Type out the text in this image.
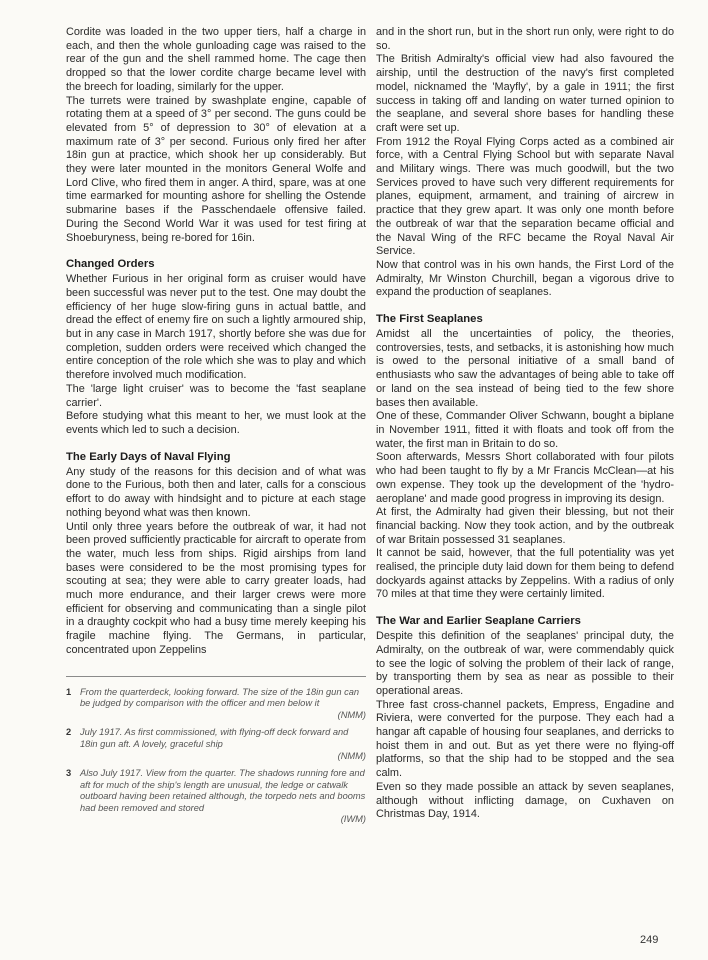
Cordite was loaded in the two upper tiers, half a charge in each, and then the whole gunloading cage was raised to the rear of the gun and the shell rammed home. The cage then dropped so that the lower cordite charge became level with the breech for loading, similarly for the upper.

The turrets were trained by swashplate engine, capable of rotating them at a speed of 3° per second. The guns could be elevated from 5° of depression to 30° of elevation at a maximum rate of 3° per second. Furious only fired her after 18in gun at practice, which shook her up considerably. But they were later mounted in the monitors General Wolfe and Lord Clive, who fired them in anger. A third, spare, was at one time earmarked for mounting ashore for shelling the Ostende submarine bases if the Passchendaele offensive failed. During the Second World War it was used for test firing at Shoeburyness, being re-bored for 16in.

Changed Orders

Whether Furious in her original form as cruiser would have been successful was never put to the test. One may doubt the efficiency of her huge slow-firing guns in actual battle, and dread the effect of enemy fire on such a lightly armoured ship, but in any case in March 1917, shortly before she was due for completion, sudden orders were received which changed the entire conception of the role which she was to play and which therefore involved much modification.

The 'large light cruiser' was to become the 'fast seaplane carrier'.

Before studying what this meant to her, we must look at the events which led to such a decision.

The Early Days of Naval Flying

Any study of the reasons for this decision and of what was done to the Furious, both then and later, calls for a conscious effort to do away with hindsight and to picture at each stage nothing beyond what was then known.

Until only three years before the outbreak of war, it had not been proved sufficiently practicable for aircraft to operate from the water, much less from ships. Rigid airships from land bases were considered to be the most promising types for scouting at sea; they were able to carry greater loads, had much more endurance, and their larger crews were more efficient for observing and communicating than a single pilot in a draughty cockpit who had a busy time merely keeping his fragile machine flying. The Germans, in particular, concentrated upon Zeppelins

1 From the quarterdeck, looking forward. The size of the 18in gun can be judged by comparison with the officer and men below it
(NMM)
2 July 1917. As first commissioned, with flying-off deck forward and 18in gun aft. A lovely, graceful ship
(NMM)
3 Also July 1917. View from the quarter. The shadows running fore and aft for much of the ship's length are unusual, the ledge or catwalk outboard having been retained although, the torpedo nets and booms had been removed and stored
(IWM)

and in the short run, but in the short run only, were right to do so.

The British Admiralty's official view had also favoured the airship, until the destruction of the navy's first completed model, nicknamed the 'Mayfly', by a gale in 1911; the first success in taking off and landing on water turned opinion to the seaplane, and several shore bases for handling these craft were set up.

From 1912 the Royal Flying Corps acted as a combined air force, with a Central Flying School but with separate Naval and Military wings. There was much goodwill, but the two Services proved to have such very different requirements for planes, equipment, armament, and training of aircrew in practice that they grew apart. It was only one month before the outbreak of war that the separation became official and the Naval Wing of the RFC became the Royal Naval Air Service.

Now that control was in his own hands, the First Lord of the Admiralty, Mr Winston Churchill, began a vigorous drive to expand the production of seaplanes.

The First Seaplanes

Amidst all the uncertainties of policy, the theories, controversies, tests, and setbacks, it is astonishing how much is owed to the personal initiative of a small band of enthusiasts who saw the advantages of being able to take off or land on the sea instead of being tied to the few shore bases then available.

One of these, Commander Oliver Schwann, bought a biplane in November 1911, fitted it with floats and took off from the water, the first man in Britain to do so.

Soon afterwards, Messrs Short collaborated with four pilots who had been taught to fly by a Mr Francis McClean—at his own expense. They took up the development of the 'hydro-aeroplane' and made good progress in improving its design.

At first, the Admiralty had given their blessing, but not their financial backing. Now they took action, and by the outbreak of war Britain possessed 31 seaplanes.

It cannot be said, however, that the full potentiality was yet realised, the principle duty laid down for them being to defend dockyards against attacks by Zeppelins. With a radius of only 70 miles at that time they were certainly limited.

The War and Earlier Seaplane Carriers

Despite this definition of the seaplanes' principal duty, the Admiralty, on the outbreak of war, were commendably quick to see the logic of solving the problem of their lack of range, by transporting them by sea as near as possible to their operational areas.

Three fast cross-channel packets, Empress, Engadine and Riviera, were converted for the purpose. They each had a hangar aft capable of housing four seaplanes, and derricks to hoist them in and out. But as yet there were no flying-off platforms, so that the ship had to be stopped and the sea calm.

Even so they made possible an attack by seven seaplanes, although without inflicting damage, on Cuxhaven on Christmas Day, 1914.

249
